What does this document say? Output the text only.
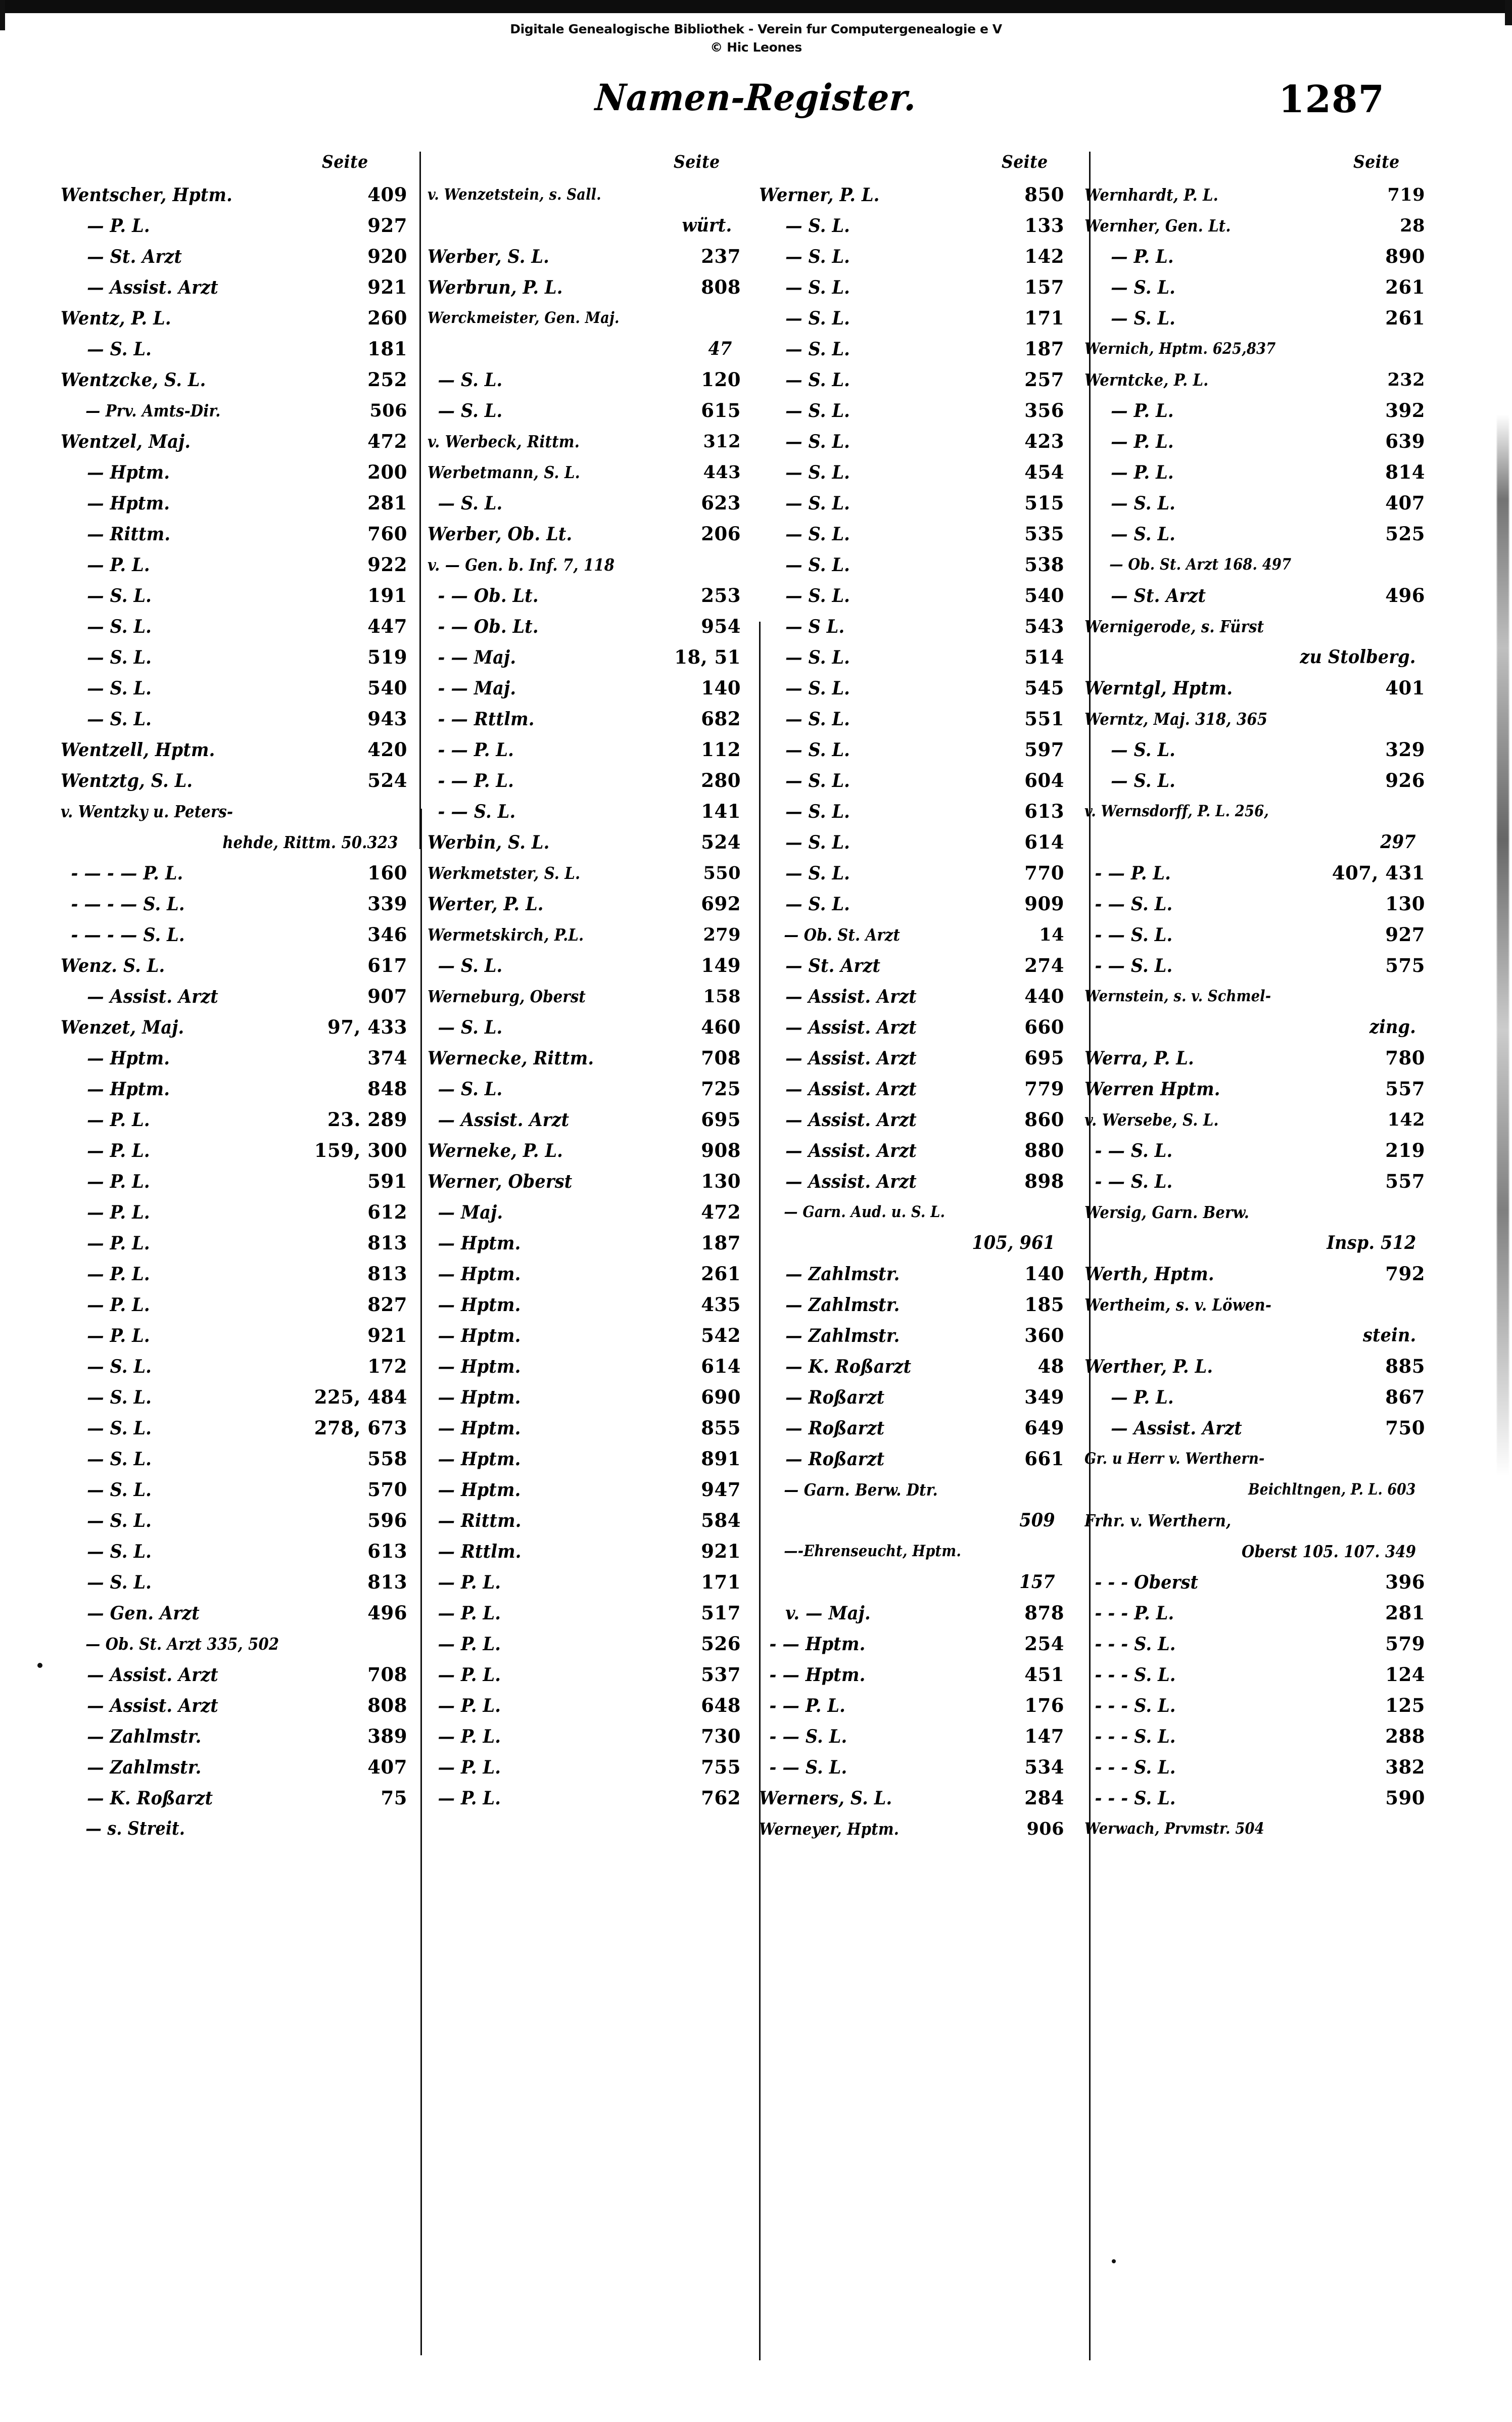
Digitale Genealogische Bibliothek - Verein fur Computergenealogie e V
© Hic Leones
Namen‐Register.	1287
Seite
Wentscher, Hptm.	409
— P. L.	927
— St. Arzt	920
— Assist. Arzt	921
Wentz, P. L.	260
— S. L.	181
Wentzcke, S. L.	252
— Prv. Amts‐Dir.	506
Wentzel, Maj.	472
— Hptm.	200
— Hptm.	281
— Rittm.	760
— P. L.	922
— S. L.	191
— S. L.	447
— S. L.	519
— S. L.	540
— S. L.	943
Wentzell, Hptm.	420
Wentztg, S. L.	524
v. Wentzky u. Peters‐
hehde, Rittm. 50.323
‐ — ‐ — P. L.	160
‐ — ‐ — S. L.	339
‐ — ‐ — S. L.	346
Wenz. S. L.	617
— Assist. Arzt	907
Wenzet, Maj.	97, 433
— Hptm.	374
— Hptm.	848
— P. L.	23. 289
— P. L.	159, 300
— P. L.	591
— P. L.	612
— P. L.	813
— P. L.	813
— P. L.	827
— P. L.	921
— S. L.	172
— S. L.	225, 484
— S. L.	278, 673
— S. L.	558
— S. L.	570
— S. L.	596
— S. L.	613
— S. L.	813
— Gen. Arzt	496
— Ob. St. Arzt 335, 502
— Assist. Arzt	708
— Assist. Arzt	808
— Zahlmstr.	389
— Zahlmstr.	407
— K. Roßarzt	75
— s. Streit.
Seite
v. Wenzetstein, s. Sall.
würt.
Werber, S. L.	237
Werbrun, P. L.	808
Werckmeister, Gen. Maj.
47
— S. L.	120
— S. L.	615
v. Werbeck, Rittm.	312
Werbetmann, S. L.	443
— S. L.	623
Werber, Ob. Lt.	206
v. — Gen. b. Inf. 7, 118
‐ — Ob. Lt.	253
‐ — Ob. Lt.	954
‐ — Maj.	18, 51
‐ — Maj.	140
‐ — Rttlm.	682
‐ — P. L.	112
‐ — P. L.	280
‐ — S. L.	141
Werbin, S. L.	524
Werkmetster, S. L.	550
Werter, P. L.	692
Wermetskirch, P.L.	279
— S. L.	149
Werneburg, Oberst	158
— S. L.	460
Wernecke, Rittm.	708
— S. L.	725
— Assist. Arzt	695
Werneke, P. L.	908
Werner, Oberst	130
— Maj.	472
— Hptm.	187
— Hptm.	261
— Hptm.	435
— Hptm.	542
— Hptm.	614
— Hptm.	690
— Hptm.	855
— Hptm.	891
— Hptm.	947
— Rittm.	584
— Rttlm.	921
— P. L.	171
— P. L.	517
— P. L.	526
— P. L.	537
— P. L.	648
— P. L.	730
— P. L.	755
— P. L.	762
Seite
Werner, P. L.	850
— S. L.	133
— S. L.	142
— S. L.	157
— S. L.	171
— S. L.	187
— S. L.	257
— S. L.	356
— S. L.	423
— S. L.	454
— S. L.	515
— S. L.	535
— S. L.	538
— S. L.	540
— S L.	543
— S. L.	514
— S. L.	545
— S. L.	551
— S. L.	597
— S. L.	604
— S. L.	613
— S. L.	614
— S. L.	770
— S. L.	909
— Ob. St. Arzt	14
— St. Arzt	274
— Assist. Arzt	440
— Assist. Arzt	660
— Assist. Arzt	695
— Assist. Arzt	779
— Assist. Arzt	860
— Assist. Arzt	880
— Assist. Arzt	898
— Garn. Aud. u. S. L.
105, 961
— Zahlmstr.	140
— Zahlmstr.	185
— Zahlmstr.	360
— K. Roßarzt	48
— Roßarzt	349
— Roßarzt	649
— Roßarzt	661
— Garn. Berw. Dtr.
509
—‐Ehrenseucht, Hptm.
157
v. — Maj.	878
‐ — Hptm.	254
‐ — Hptm.	451
‐ — P. L.	176
‐ — S. L.	147
‐ — S. L.	534
Werners, S. L.	284
Werneyer, Hptm.	906
Seite
Wernhardt, P. L.	719
Wernher, Gen. Lt.	28
— P. L.	890
— S. L.	261
— S. L.	261
Wernich, Hptm. 625,837
Werntcke, P. L.	232
— P. L.	392
— P. L.	639
— P. L.	814
— S. L.	407
— S. L.	525
— Ob. St. Arzt 168. 497
— St. Arzt	496
Wernigerode, s. Fürst
zu Stolberg.
Werntgl, Hptm.	401
Werntz, Maj. 318, 365
— S. L.	329
— S. L.	926
v. Wernsdorff, P. L. 256,
297
‐ — P. L.	407, 431
‐ — S. L.	130
‐ — S. L.	927
‐ — S. L.	575
Wernstein, s. v. Schmel‐
zing.
Werra, P. L.	780
Werren Hptm.	557
v. Wersebe, S. L.	142
‐ — S. L.	219
‐ — S. L.	557
Wersig, Garn. Berw.
Insp. 512
Werth, Hptm.	792
Wertheim, s. v. Löwen‐
stein.
Werther, P. L.	885
— P. L.	867
— Assist. Arzt	750
Gr. u Herr v. Werthern‐
Beichltngen, P. L. 603
Frhr. v. Werthern,
Oberst 105. 107. 349
‐ ‐ ‐ Oberst	396
‐ ‐ ‐ P. L.	281
‐ ‐ ‐ S. L.	579
‐ ‐ ‐ S. L.	124
‐ ‐ ‐ S. L.	125
‐ ‐ ‐ S. L.	288
‐ ‐ ‐ S. L.	382
‐ ‐ ‐ S. L.	590
Werwach, Prvmstr. 504
